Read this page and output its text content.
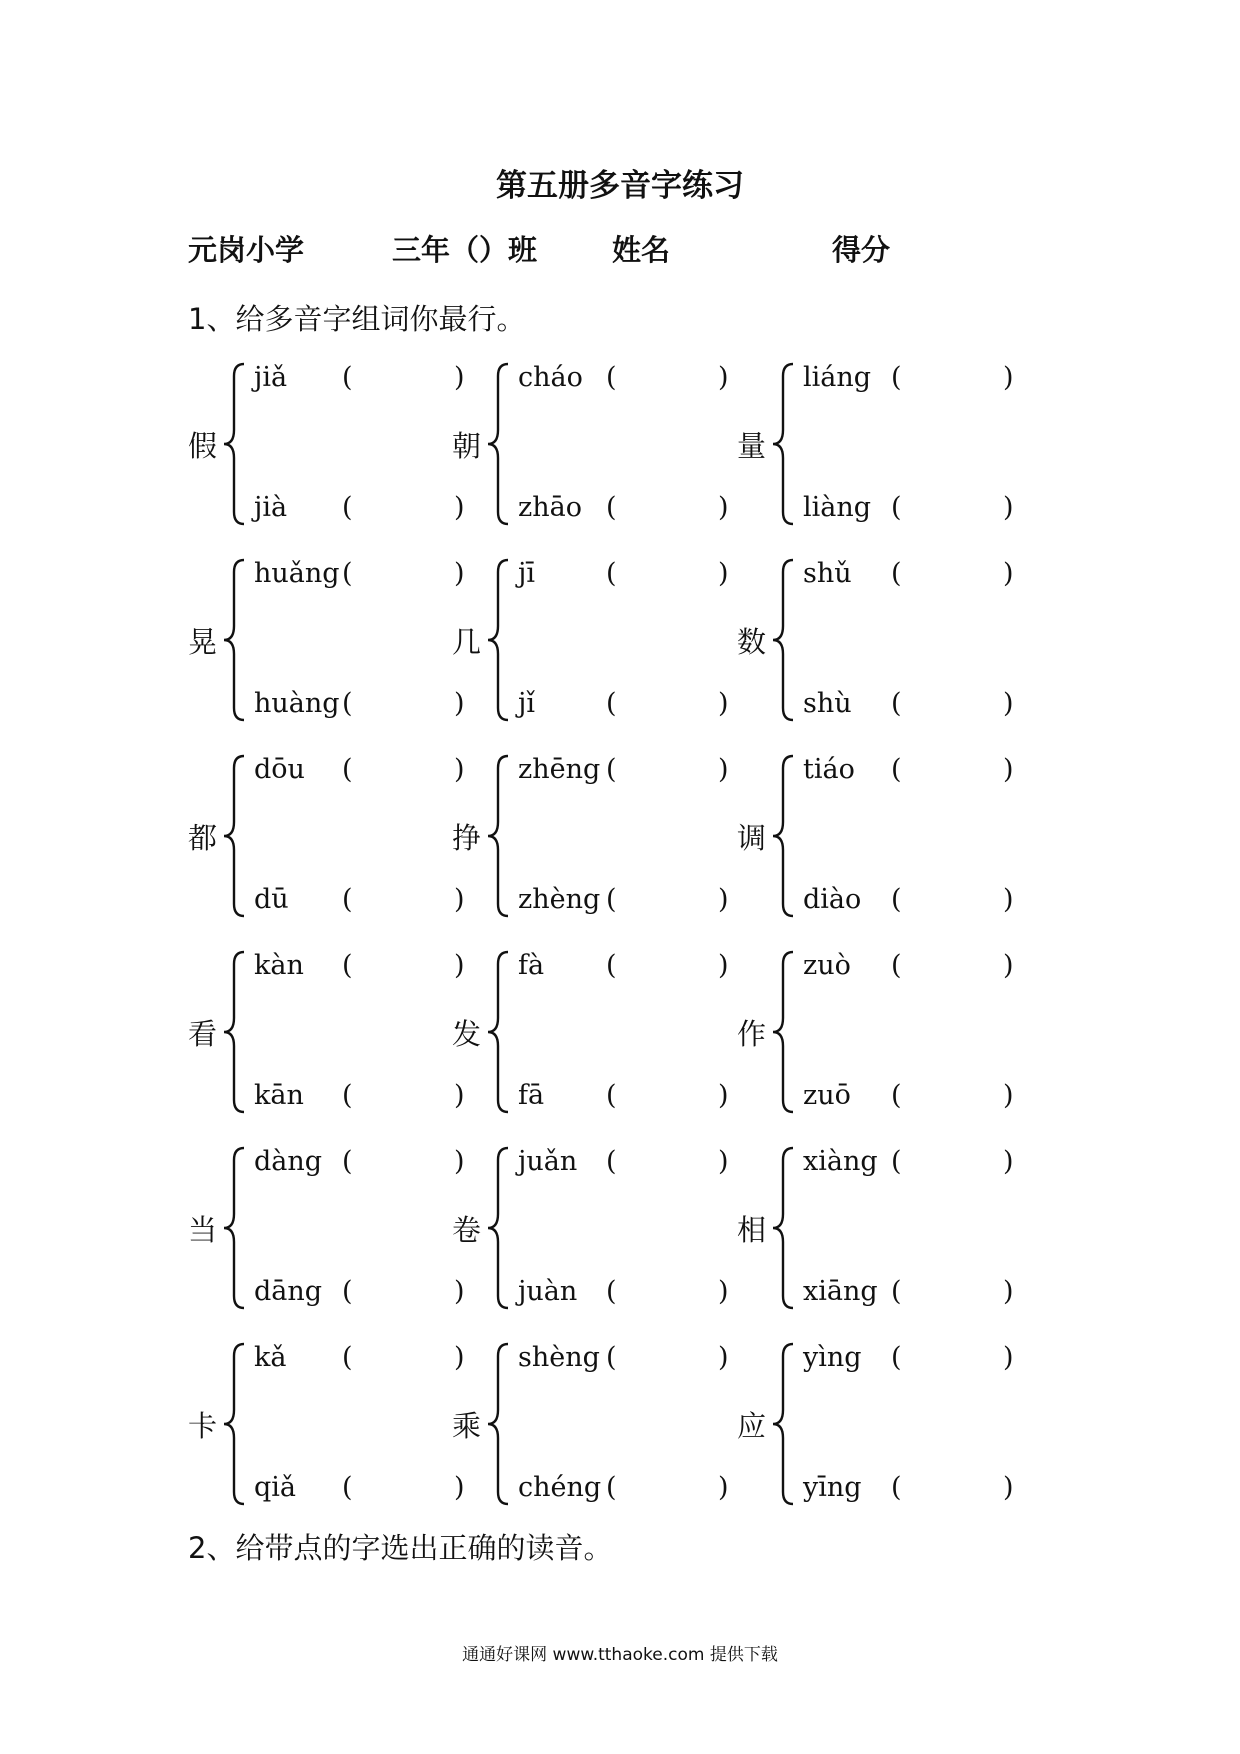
第五册多音字练习
元岗小学	三年（）班	姓名	得分
1、给多音字组词你最行。
假
jiǎ (	)
jià (	)
朝
cháo (	)
zhāo (	)
量
liáng (	)
liàng (	)
晃
huǎng (	)
huàng (	)
几
jī	(	)
jǐ	(	)
数
shǔ (	)
shù (	)
都
dōu (	)
dū (	)
挣
zhēng (	)
zhèng (	)
调
tiáo (	)
diào (	)
看
kàn (	)
kān (	)
发
fà (	)
fā (	)
作
zuò (	)
zuō (	)
当
dàng (	)
dāng (	)
卷
juǎn (	)
juàn (	)
相
xiàng (	)
xiāng (	)
卡
kǎ (	)
qiǎ (	)
乘
shèng (	)
chéng (	)
应
yìng (	)
yīng (	)
2、给带点的字选出正确的读音。
通通好课网 www.tthaoke.com 提供下载
